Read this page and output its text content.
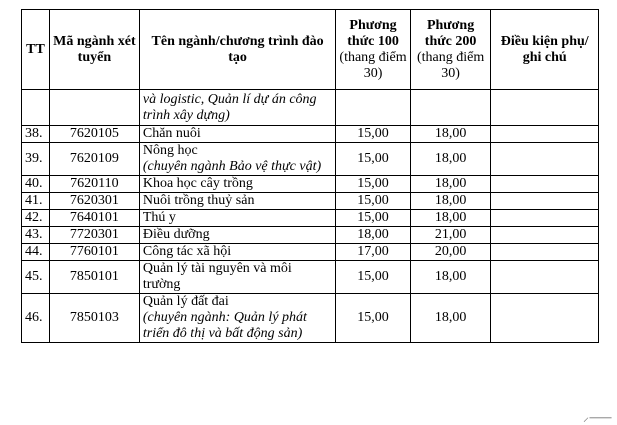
TT	Mã ngành xét tuyển	Tên ngành/chương trình đào tạo	Phương thức 100
(thang điểm 30)	Phương thức 200
(thang điểm 30)	Điều kiện phụ/ ghi chú

		và logistic, Quản lí dự án công trình xây dựng)			

38.	7620105	Chăn nuôi	15,00	18,00	
39.	7620109	Nông học
(chuyên ngành Bảo vệ thực vật)	15,00	18,00	
40.	7620110	Khoa học cây trồng	15,00	18,00	
41.	7620301	Nuôi trồng thuỷ sản	15,00	18,00	
42.	7640101	Thú y	15,00	18,00	
43.	7720301	Điều dưỡng	18,00	21,00	
44.	7760101	Công tác xã hội	17,00	20,00	
45.	7850101	Quản lý tài nguyên và môi trường	15,00	18,00	
46.	7850103	Quản lý đất đai
(chuyên ngành: Quản lý phát triển đô thị và bất động sản)	15,00	18,00	
⸝⸺
